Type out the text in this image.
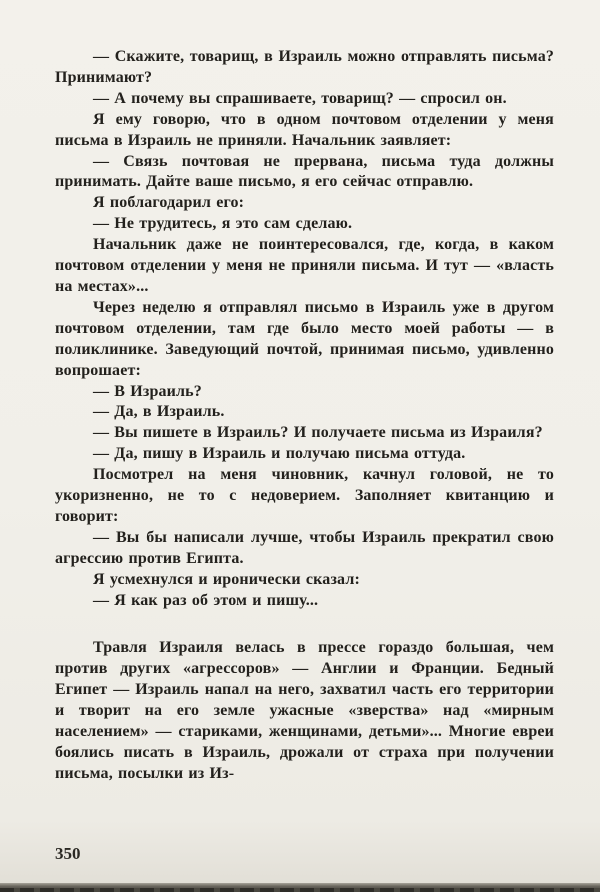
— Скажите, товарищ, в Израиль можно отправлять письма? Принимают?

— А почему вы спрашиваете, товарищ? — спросил он.

Я ему говорю, что в одном почтовом отделении у меня письма в Израиль не приняли. Начальник заявляет:

— Связь почтовая не прервана, письма туда должны принимать. Дайте ваше письмо, я его сейчас отправлю.

Я поблагодарил его:

— Не трудитесь, я это сам сделаю.

Начальник даже не поинтересовался, где, когда, в каком почтовом отделении у меня не приняли письма. И тут — «власть на местах»...

Через неделю я отправлял письмо в Израиль уже в другом почтовом отделении, там где было место моей работы — в поликлинике. Заведующий почтой, принимая письмо, удивленно вопрошает:

— В Израиль?

— Да, в Израиль.

— Вы пишете в Израиль? И получаете письма из Израиля?

— Да, пишу в Израиль и получаю письма оттуда.

Посмотрел на меня чиновник, качнул головой, не то укоризненно, не то с недоверием. Заполняет квитанцию и говорит:

— Вы бы написали лучше, чтобы Израиль прекратил свою агрессию против Египта.

Я усмехнулся и иронически сказал:

— Я как раз об этом и пишу...

Травля Израиля велась в прессе гораздо большая, чем против других «агрессоров» — Англии и Франции. Бедный Египет — Израиль напал на него, захватил часть его территории и творит на его земле ужасные «зверства» над «мирным населением» — стариками, женщинами, детьми»... Многие евреи боялись писать в Израиль, дрожали от страха при получении письма, посылки из Из-

350
